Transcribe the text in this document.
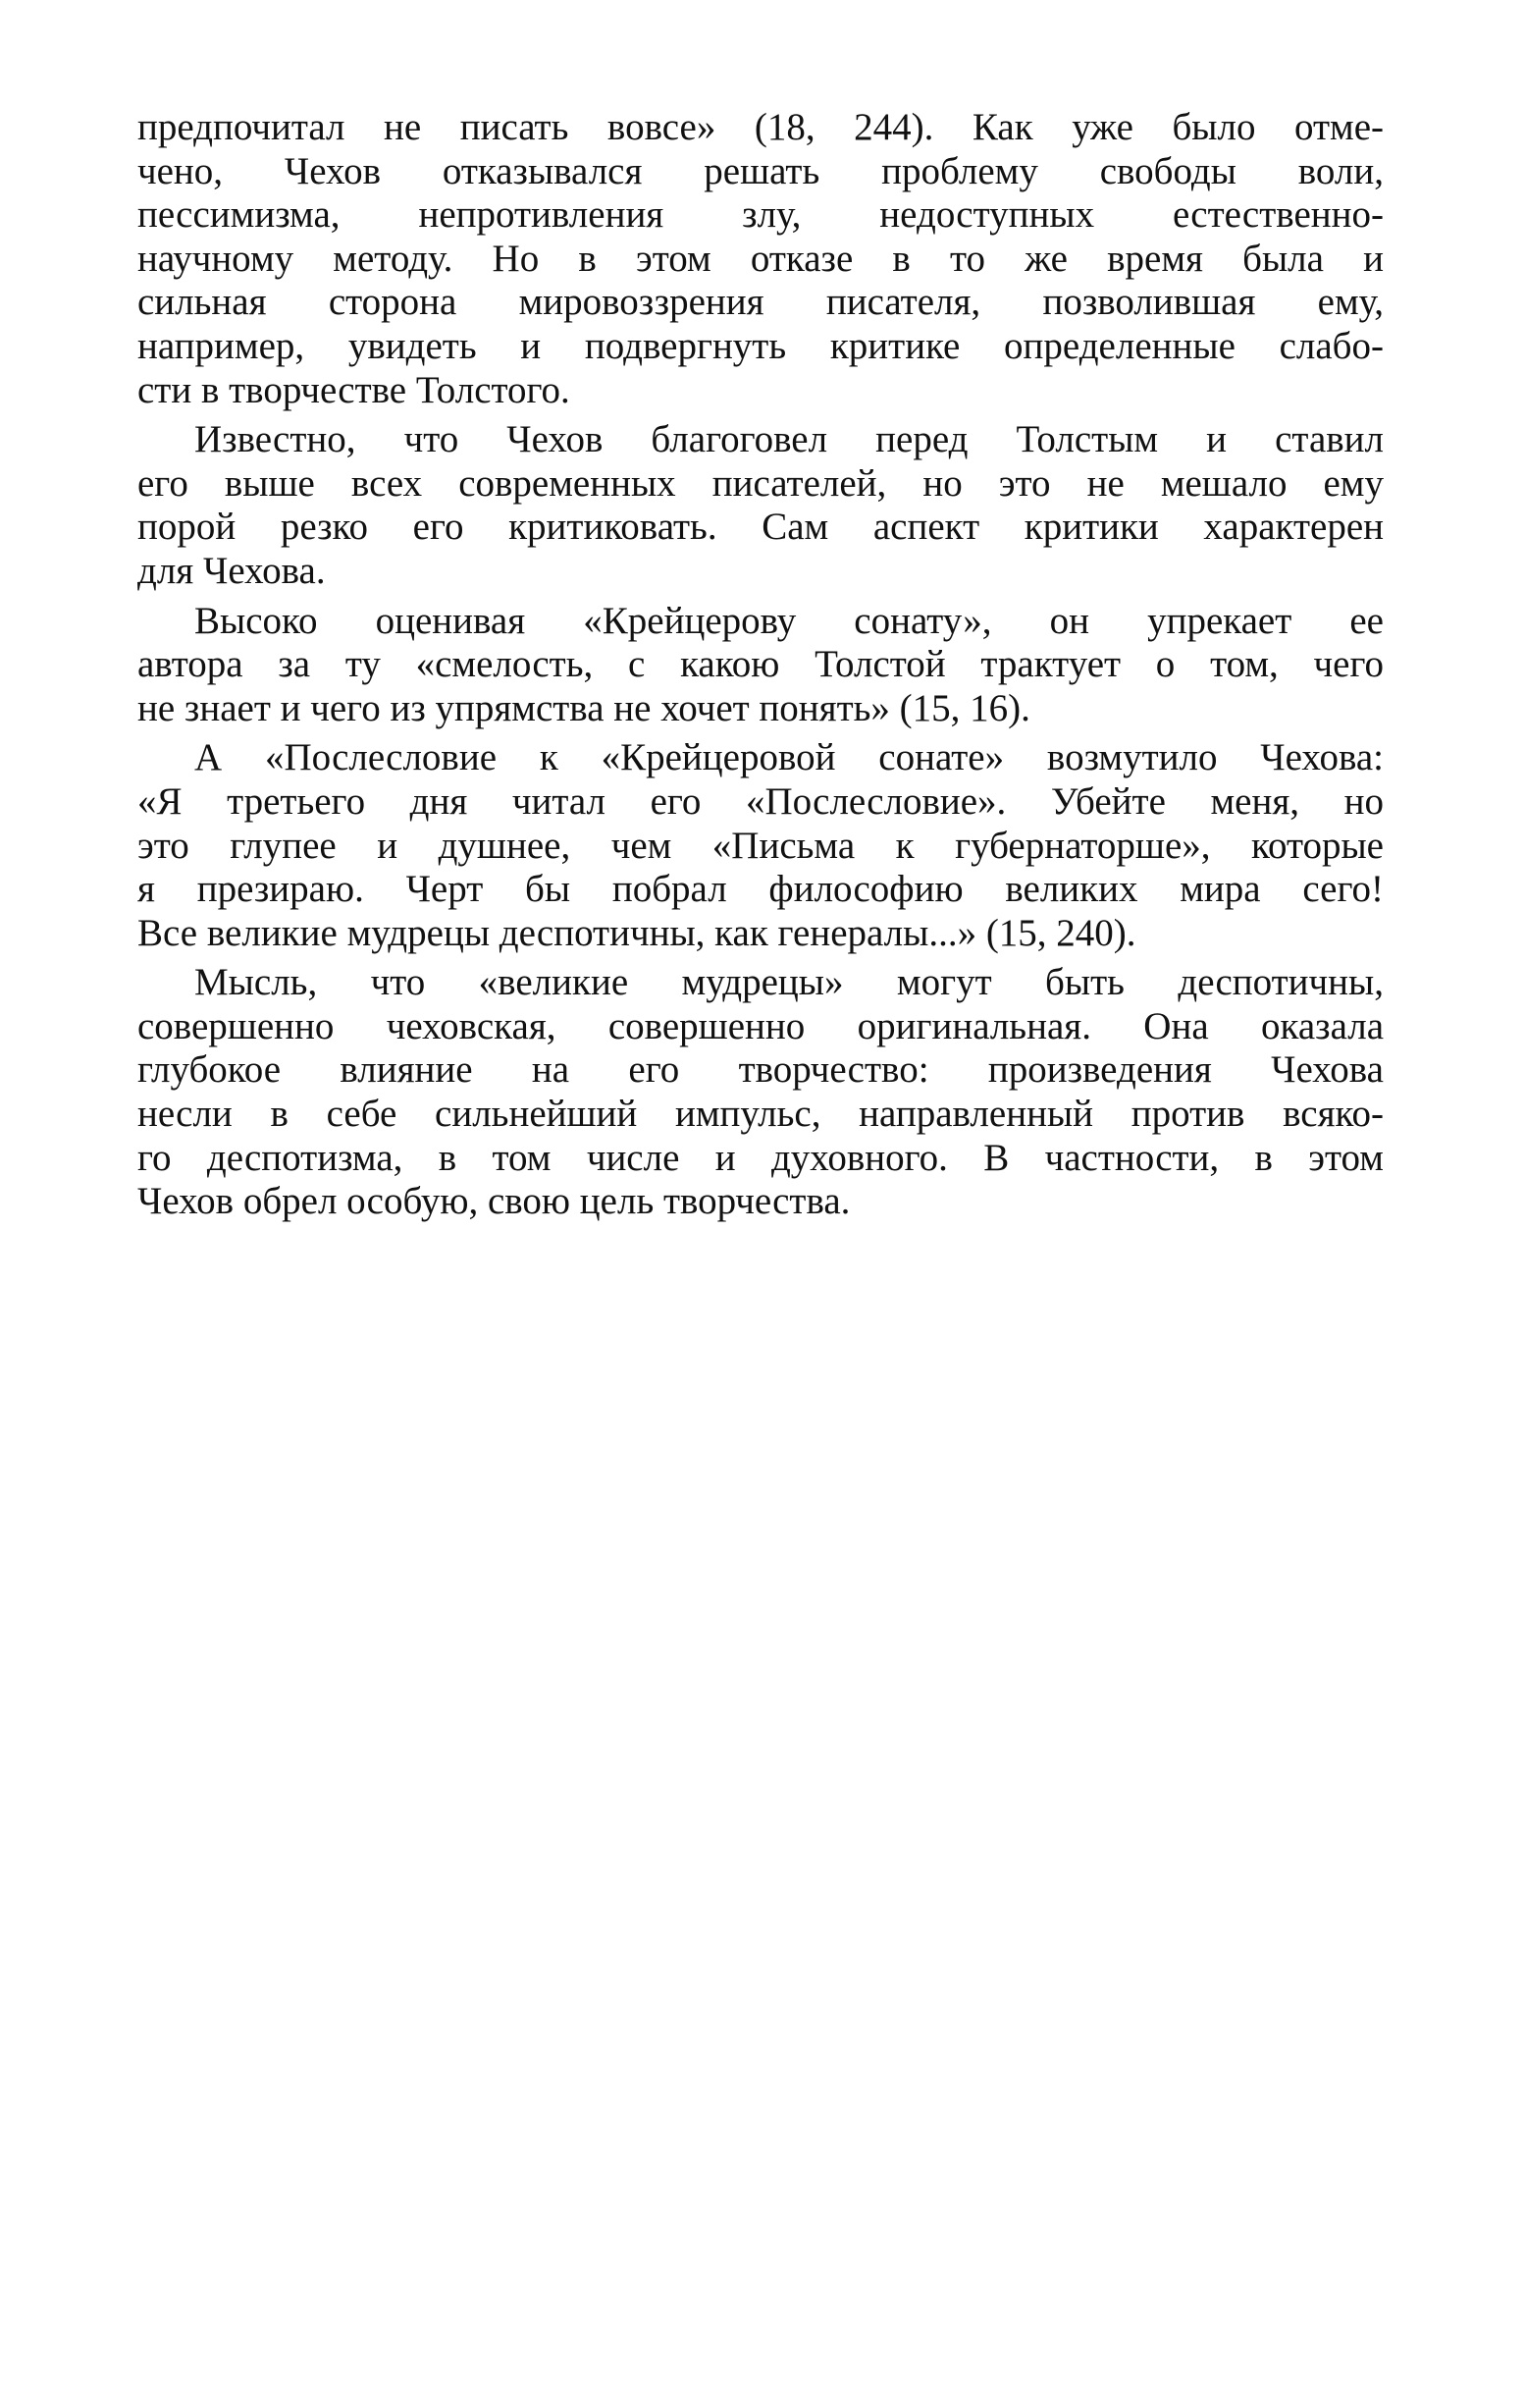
предпочитал не писать вовсе» (18, 244). Как уже было отме-
чено, Чехов отказывался решать проблему свободы воли,
пессимизма, непротивления злу, недоступных естественно-
научному методу. Но в этом отказе в то же время была и
сильная сторона мировоззрения писателя, позволившая ему,
например, увидеть и подвергнуть критике определенные слабо-
сти в творчестве Толстого.
Известно, что Чехов благоговел перед Толстым и ставил
его выше всех современных писателей, но это не мешало ему
порой резко его критиковать. Сам аспект критики характерен
для Чехова.
Высоко оценивая «Крейцерову сонату», он упрекает ее
автора за ту «смелость, с какою Толстой трактует о том, чего
не знает и чего из упрямства не хочет понять» (15, 16).
А «Послесловие к «Крейцеровой сонате» возмутило Чехова:
«Я третьего дня читал его «Послесловие». Убейте меня, но
это глупее и душнее, чем «Письма к губернаторше», которые
я презираю. Черт бы побрал философию великих мира сего!
Все великие мудрецы деспотичны, как генералы...» (15, 240).
Мысль, что «великие мудрецы» могут быть деспотичны,
совершенно чеховская, совершенно оригинальная. Она оказала
глубокое влияние на его творчество: произведения Чехова
несли в себе сильнейший импульс, направленный против всяко-
го деспотизма, в том числе и духовного. В частности, в этом
Чехов обрел особую, свою цель творчества.
